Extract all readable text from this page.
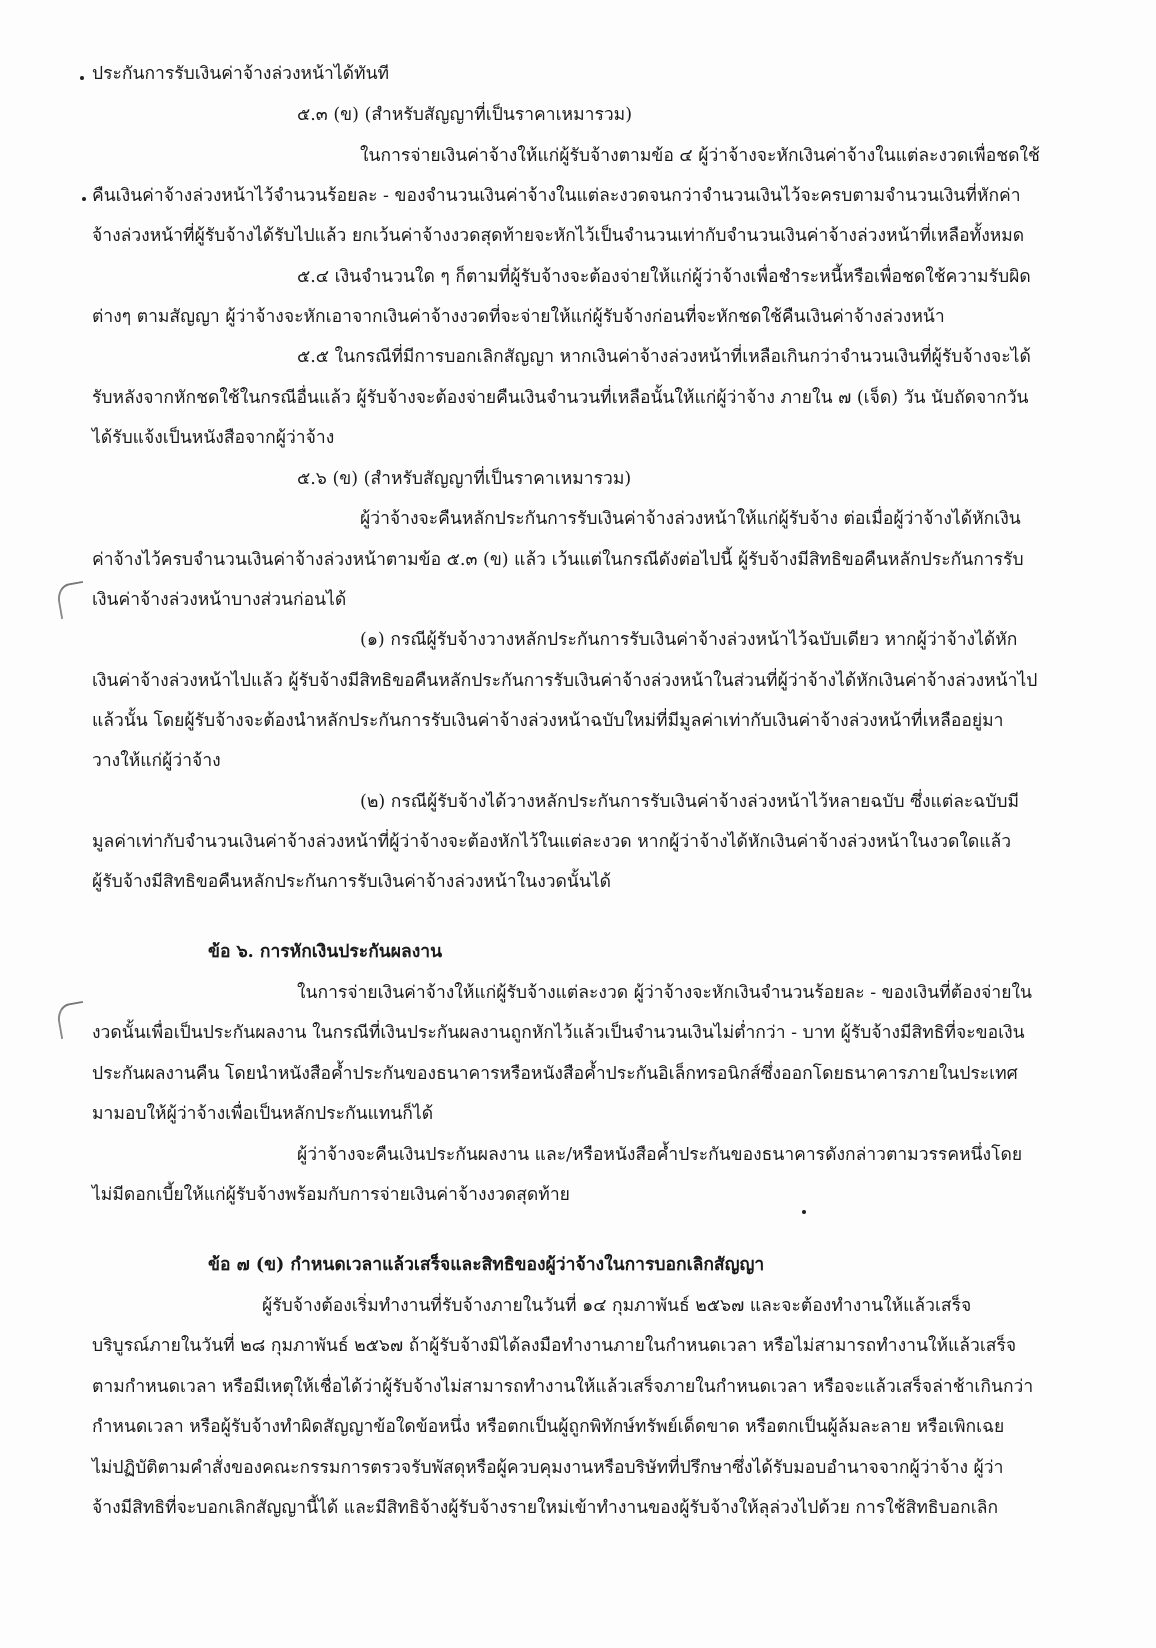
ประกันการรับเงินค่าจ้างล่วงหน้าได้ทันที
๕.๓ (ข) (สำหรับสัญญาที่เป็นราคาเหมารวม)
ในการจ่ายเงินค่าจ้างให้แก่ผู้รับจ้างตามข้อ ๔ ผู้ว่าจ้างจะหักเงินค่าจ้างในแต่ละงวดเพื่อชดใช้
คืนเงินค่าจ้างล่วงหน้าไว้จำนวนร้อยละ - ของจำนวนเงินค่าจ้างในแต่ละงวดจนกว่าจำนวนเงินไว้จะครบตามจำนวนเงินที่หักค่า
จ้างล่วงหน้าที่ผู้รับจ้างได้รับไปแล้ว ยกเว้นค่าจ้างงวดสุดท้ายจะหักไว้เป็นจำนวนเท่ากับจำนวนเงินค่าจ้างล่วงหน้าที่เหลือทั้งหมด
๕.๔ เงินจำนวนใด ๆ ก็ตามที่ผู้รับจ้างจะต้องจ่ายให้แก่ผู้ว่าจ้างเพื่อชำระหนี้หรือเพื่อชดใช้ความรับผิด
ต่างๆ ตามสัญญา ผู้ว่าจ้างจะหักเอาจากเงินค่าจ้างงวดที่จะจ่ายให้แก่ผู้รับจ้างก่อนที่จะหักชดใช้คืนเงินค่าจ้างล่วงหน้า
๕.๕ ในกรณีที่มีการบอกเลิกสัญญา หากเงินค่าจ้างล่วงหน้าที่เหลือเกินกว่าจำนวนเงินที่ผู้รับจ้างจะได้
รับหลังจากหักชดใช้ในกรณีอื่นแล้ว ผู้รับจ้างจะต้องจ่ายคืนเงินจำนวนที่เหลือนั้นให้แก่ผู้ว่าจ้าง ภายใน ๗ (เจ็ด) วัน นับถัดจากวัน
ได้รับแจ้งเป็นหนังสือจากผู้ว่าจ้าง
๕.๖ (ข) (สำหรับสัญญาที่เป็นราคาเหมารวม)
ผู้ว่าจ้างจะคืนหลักประกันการรับเงินค่าจ้างล่วงหน้าให้แก่ผู้รับจ้าง ต่อเมื่อผู้ว่าจ้างได้หักเงิน
ค่าจ้างไว้ครบจำนวนเงินค่าจ้างล่วงหน้าตามข้อ ๕.๓ (ข) แล้ว เว้นแต่ในกรณีดังต่อไปนี้ ผู้รับจ้างมีสิทธิขอคืนหลักประกันการรับ
เงินค่าจ้างล่วงหน้าบางส่วนก่อนได้
(๑) กรณีผู้รับจ้างวางหลักประกันการรับเงินค่าจ้างล่วงหน้าไว้ฉบับเดียว หากผู้ว่าจ้างได้หัก
เงินค่าจ้างล่วงหน้าไปแล้ว ผู้รับจ้างมีสิทธิขอคืนหลักประกันการรับเงินค่าจ้างล่วงหน้าในส่วนที่ผู้ว่าจ้างได้หักเงินค่าจ้างล่วงหน้าไป
แล้วนั้น โดยผู้รับจ้างจะต้องนำหลักประกันการรับเงินค่าจ้างล่วงหน้าฉบับใหม่ที่มีมูลค่าเท่ากับเงินค่าจ้างล่วงหน้าที่เหลืออยู่มา
วางให้แก่ผู้ว่าจ้าง
(๒) กรณีผู้รับจ้างได้วางหลักประกันการรับเงินค่าจ้างล่วงหน้าไว้หลายฉบับ ซึ่งแต่ละฉบับมี
มูลค่าเท่ากับจำนวนเงินค่าจ้างล่วงหน้าที่ผู้ว่าจ้างจะต้องหักไว้ในแต่ละงวด หากผู้ว่าจ้างได้หักเงินค่าจ้างล่วงหน้าในงวดใดแล้ว
ผู้รับจ้างมีสิทธิขอคืนหลักประกันการรับเงินค่าจ้างล่วงหน้าในงวดนั้นได้
ข้อ ๖. การหักเงินประกันผลงาน
ในการจ่ายเงินค่าจ้างให้แก่ผู้รับจ้างแต่ละงวด ผู้ว่าจ้างจะหักเงินจำนวนร้อยละ - ของเงินที่ต้องจ่ายใน
งวดนั้นเพื่อเป็นประกันผลงาน ในกรณีที่เงินประกันผลงานถูกหักไว้แล้วเป็นจำนวนเงินไม่ต่ำกว่า - บาท ผู้รับจ้างมีสิทธิที่จะขอเงิน
ประกันผลงานคืน โดยนำหนังสือค้ำประกันของธนาคารหรือหนังสือค้ำประกันอิเล็กทรอนิกส์ซึ่งออกโดยธนาคารภายในประเทศ
มามอบให้ผู้ว่าจ้างเพื่อเป็นหลักประกันแทนก็ได้
ผู้ว่าจ้างจะคืนเงินประกันผลงาน และ/หรือหนังสือค้ำประกันของธนาคารดังกล่าวตามวรรคหนึ่งโดย
ไม่มีดอกเบี้ยให้แก่ผู้รับจ้างพร้อมกับการจ่ายเงินค่าจ้างงวดสุดท้าย
ข้อ ๗ (ข) กำหนดเวลาแล้วเสร็จและสิทธิของผู้ว่าจ้างในการบอกเลิกสัญญา
ผู้รับจ้างต้องเริ่มทำงานที่รับจ้างภายในวันที่ ๑๔ กุมภาพันธ์ ๒๕๖๗ และจะต้องทำงานให้แล้วเสร็จ
บริบูรณ์ภายในวันที่ ๒๘ กุมภาพันธ์ ๒๕๖๗ ถ้าผู้รับจ้างมิได้ลงมือทำงานภายในกำหนดเวลา หรือไม่สามารถทำงานให้แล้วเสร็จ
ตามกำหนดเวลา หรือมีเหตุให้เชื่อได้ว่าผู้รับจ้างไม่สามารถทำงานให้แล้วเสร็จภายในกำหนดเวลา หรือจะแล้วเสร็จล่าช้าเกินกว่า
กำหนดเวลา หรือผู้รับจ้างทำผิดสัญญาข้อใดข้อหนึ่ง หรือตกเป็นผู้ถูกพิทักษ์ทรัพย์เด็ดขาด หรือตกเป็นผู้ล้มละลาย หรือเพิกเฉย
ไม่ปฏิบัติตามคำสั่งของคณะกรรมการตรวจรับพัสดุหรือผู้ควบคุมงานหรือบริษัทที่ปรึกษาซึ่งได้รับมอบอำนาจจากผู้ว่าจ้าง ผู้ว่า
จ้างมีสิทธิที่จะบอกเลิกสัญญานี้ได้ และมีสิทธิจ้างผู้รับจ้างรายใหม่เข้าทำงานของผู้รับจ้างให้ลุล่วงไปด้วย การใช้สิทธิบอกเลิก
